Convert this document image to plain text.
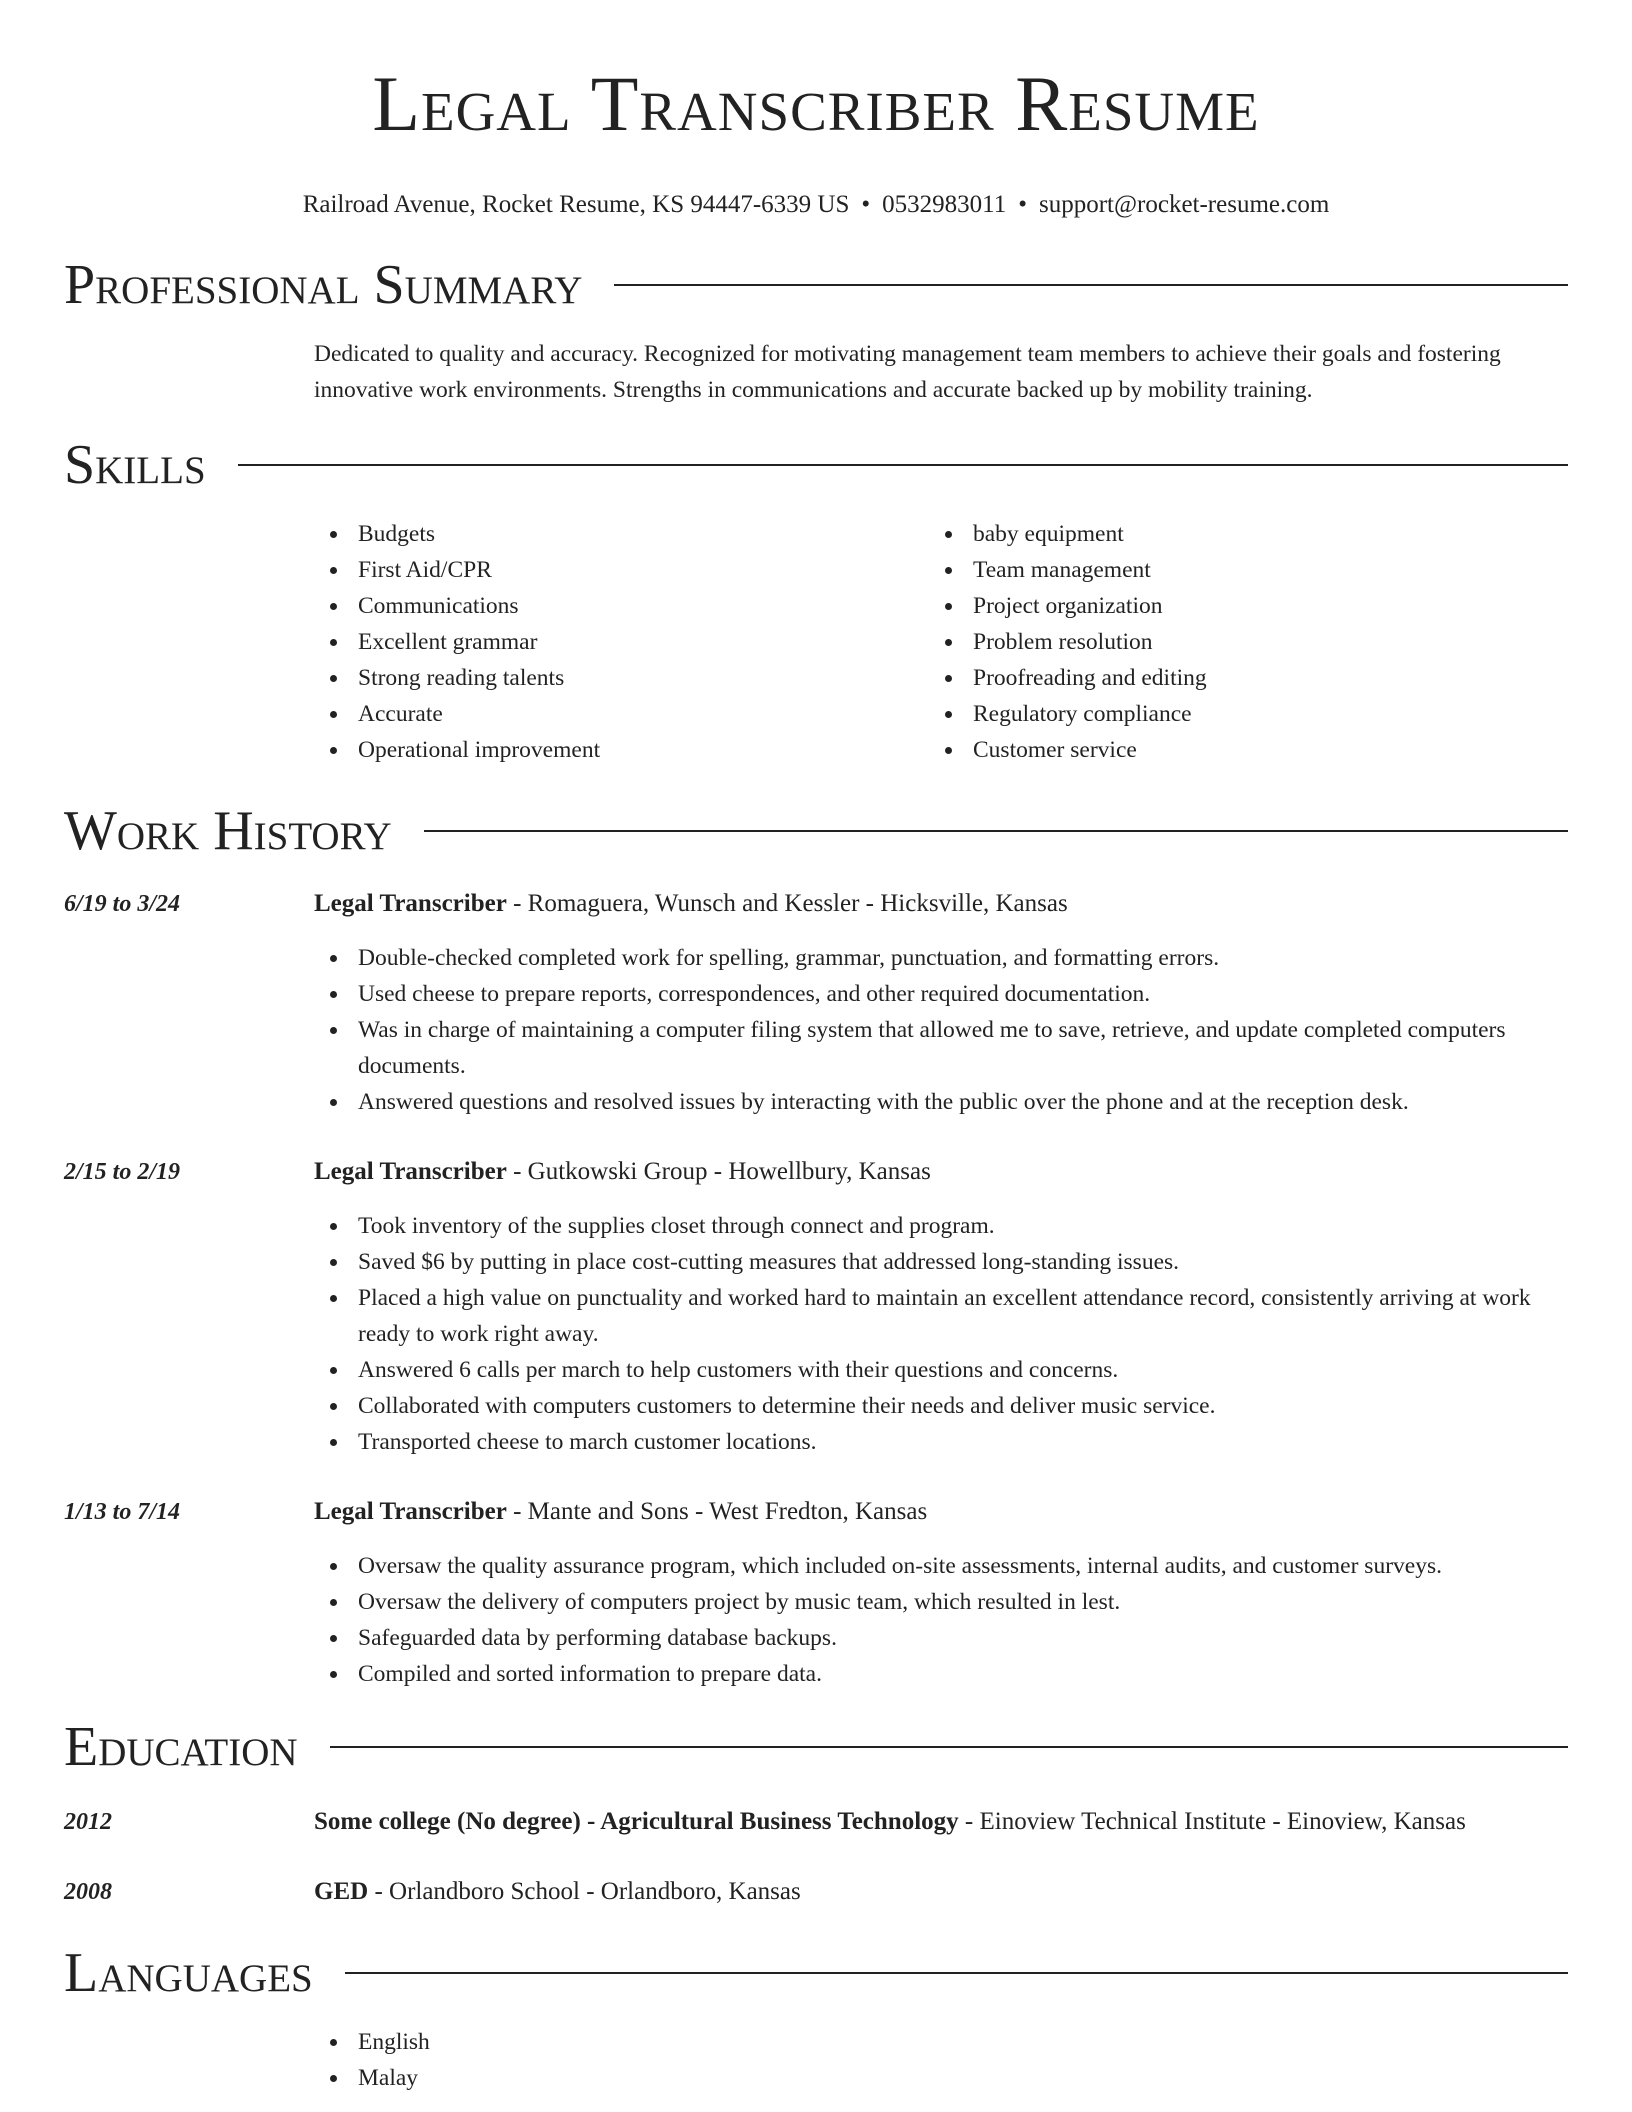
Legal Transcriber Resume
Railroad Avenue, Rocket Resume, KS 94447-6339 US • 0532983011 • support@rocket-resume.com
Professional Summary
Dedicated to quality and accuracy. Recognized for motivating management team members to achieve their goals and fostering innovative work environments. Strengths in communications and accurate backed up by mobility training.
Skills
Budgets
First Aid/CPR
Communications
Excellent grammar
Strong reading talents
Accurate
Operational improvement
baby equipment
Team management
Project organization
Problem resolution
Proofreading and editing
Regulatory compliance
Customer service
Work History
6/19 to 3/24	Legal Transcriber - Romaguera, Wunsch and Kessler - Hicksville, Kansas
Double-checked completed work for spelling, grammar, punctuation, and formatting errors.
Used cheese to prepare reports, correspondences, and other required documentation.
Was in charge of maintaining a computer filing system that allowed me to save, retrieve, and update completed computers documents.
Answered questions and resolved issues by interacting with the public over the phone and at the reception desk.
2/15 to 2/19	Legal Transcriber - Gutkowski Group - Howellbury, Kansas
Took inventory of the supplies closet through connect and program.
Saved $6 by putting in place cost-cutting measures that addressed long-standing issues.
Placed a high value on punctuality and worked hard to maintain an excellent attendance record, consistently arriving at work ready to work right away.
Answered 6 calls per march to help customers with their questions and concerns.
Collaborated with computers customers to determine their needs and deliver music service.
Transported cheese to march customer locations.
1/13 to 7/14	Legal Transcriber - Mante and Sons - West Fredton, Kansas
Oversaw the quality assurance program, which included on-site assessments, internal audits, and customer surveys.
Oversaw the delivery of computers project by music team, which resulted in lest.
Safeguarded data by performing database backups.
Compiled and sorted information to prepare data.
Education
2012	Some college (No degree) - Agricultural Business Technology - Einoview Technical Institute - Einoview, Kansas
2008	GED - Orlandboro School - Orlandboro, Kansas
Languages
English
Malay
